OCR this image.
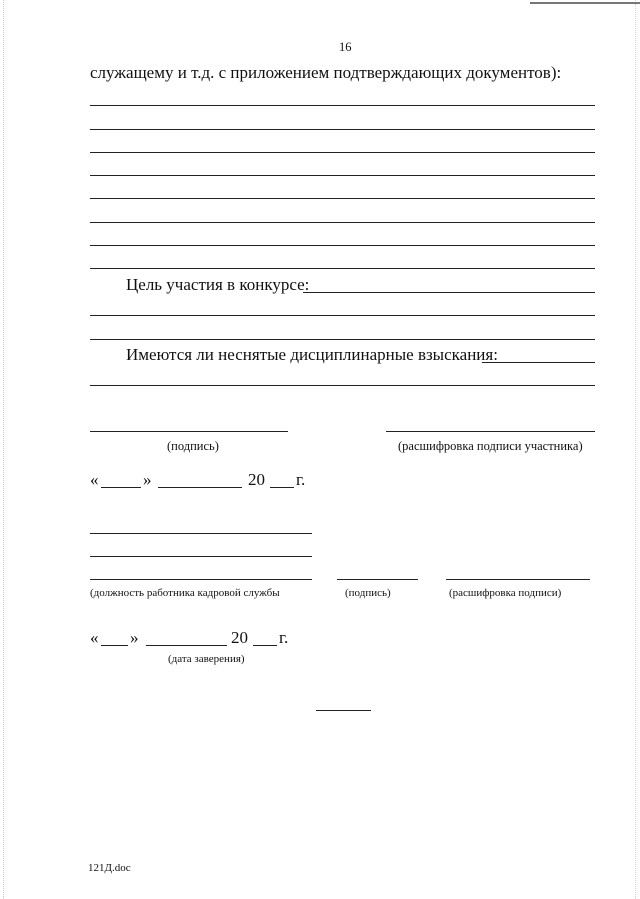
16
служащему и т.д. с приложением подтверждающих документов):
Цель участия в конкурсе:
Имеются ли неснятые дисциплинарные взыскания:
(подпись)	(расшифровка подписи участника)
«	»	20 г.
(должность работника кадровой службы	(подпись)	(расшифровка подписи)
« »	20 г.
(дата заверения)
121Д.doc
